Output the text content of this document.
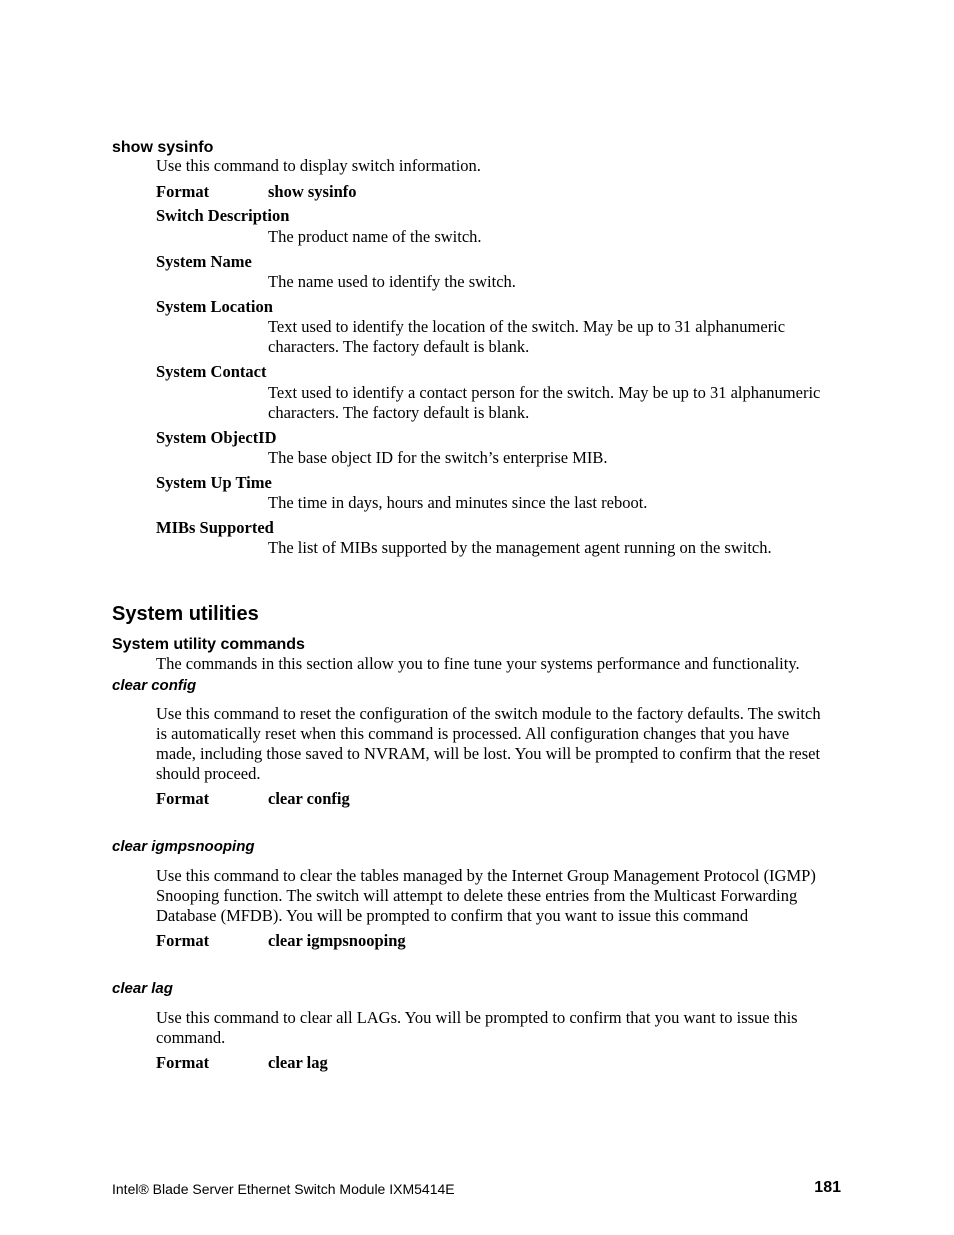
show sysinfo
Use this command to display switch information.
Format	show sysinfo
Switch Description
The product name of the switch.
System Name
The name used to identify the switch.
System Location
Text used to identify the location of the switch. May be up to 31 alphanumeric
characters. The factory default is blank.
System Contact
Text used to identify a contact person for the switch. May be up to 31 alphanumeric
characters. The factory default is blank.
System ObjectID
The base object ID for the switch’s enterprise MIB.
System Up Time
The time in days, hours and minutes since the last reboot.
MIBs Supported
The list of MIBs supported by the management agent running on the switch.
System utilities
System utility commands
The commands in this section allow you to fine tune your systems performance and functionality.
clear config
Use this command to reset the configuration of the switch module to the factory defaults. The switch
is automatically reset when this command is processed. All configuration changes that you have
made, including those saved to NVRAM, will be lost. You will be prompted to confirm that the reset
should proceed.
Format	clear config
clear igmpsnooping
Use this command to clear the tables managed by the Internet Group Management Protocol (IGMP)
Snooping function. The switch will attempt to delete these entries from the Multicast Forwarding
Database (MFDB). You will be prompted to confirm that you want to issue this command
Format	clear igmpsnooping
clear lag
Use this command to clear all LAGs. You will be prompted to confirm that you want to issue this
command.
Format	clear lag
Intel® Blade Server Ethernet Switch Module IXM5414E	181
